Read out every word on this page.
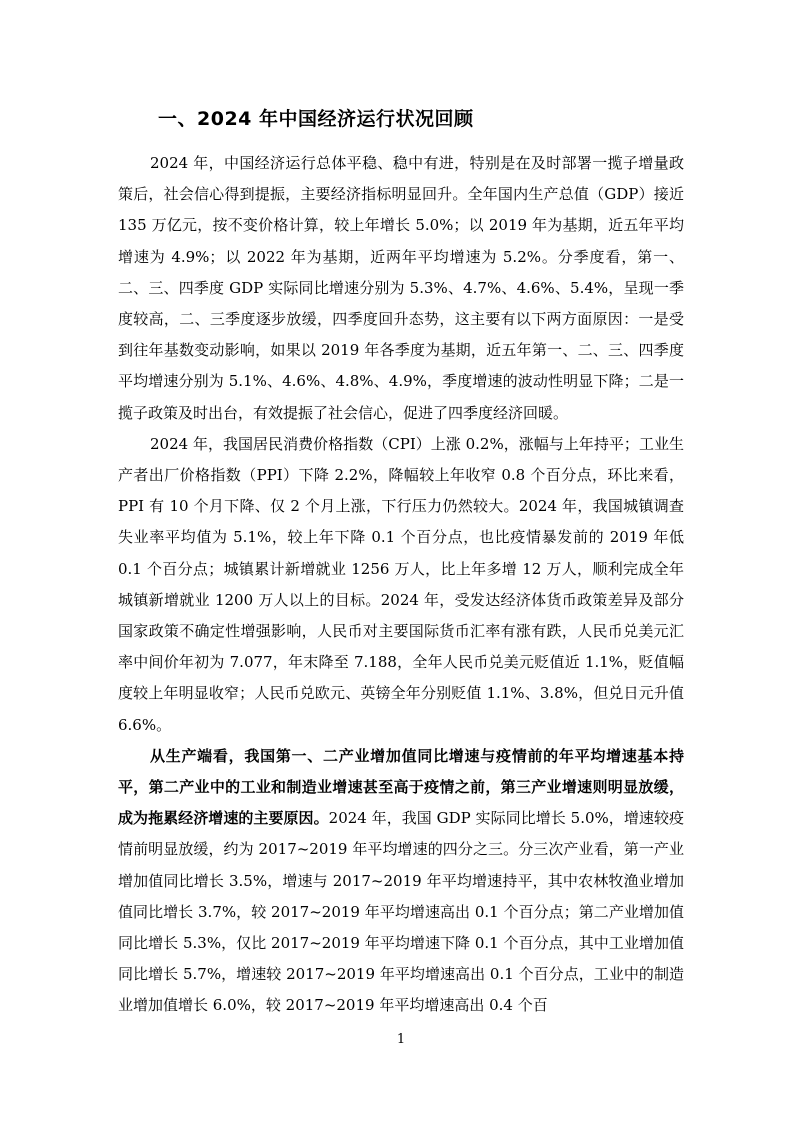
一、2024 年中国经济运行状况回顾

2024 年，中国经济运行总体平稳、稳中有进，特别是在及时部署一揽子增量政策后，社会信心得到提振，主要经济指标明显回升。全年国内生产总值（GDP）接近 135 万亿元，按不变价格计算，较上年增长 5.0%；以 2019 年为基期，近五年平均增速为 4.9%；以 2022 年为基期，近两年平均增速为 5.2%。分季度看，第一、二、三、四季度 GDP 实际同比增速分别为 5.3%、4.7%、4.6%、5.4%，呈现一季度较高，二、三季度逐步放缓，四季度回升态势，这主要有以下两方面原因：一是受到往年基数变动影响，如果以 2019 年各季度为基期，近五年第一、二、三、四季度平均增速分别为 5.1%、4.6%、4.8%、4.9%，季度增速的波动性明显下降；二是一揽子政策及时出台，有效提振了社会信心，促进了四季度经济回暖。

2024 年，我国居民消费价格指数（CPI）上涨 0.2%，涨幅与上年持平；工业生产者出厂价格指数（PPI）下降 2.2%，降幅较上年收窄 0.8 个百分点，环比来看，PPI 有 10 个月下降、仅 2 个月上涨，下行压力仍然较大。2024 年，我国城镇调查失业率平均值为 5.1%，较上年下降 0.1 个百分点，也比疫情暴发前的 2019 年低 0.1 个百分点；城镇累计新增就业 1256 万人，比上年多增 12 万人，顺利完成全年城镇新增就业 1200 万人以上的目标。2024 年，受发达经济体货币政策差异及部分国家政策不确定性增强影响，人民币对主要国际货币汇率有涨有跌，人民币兑美元汇率中间价年初为 7.077，年末降至 7.188，全年人民币兑美元贬值近 1.1%，贬值幅度较上年明显收窄；人民币兑欧元、英镑全年分别贬值 1.1%、3.8%，但兑日元升值 6.6%。

从生产端看，我国第一、二产业增加值同比增速与疫情前的年平均增速基本持平，第二产业中的工业和制造业增速甚至高于疫情之前，第三产业增速则明显放缓，成为拖累经济增速的主要原因。2024 年，我国 GDP 实际同比增长 5.0%，增速较疫情前明显放缓，约为 2017~2019 年平均增速的四分之三。分三次产业看，第一产业增加值同比增长 3.5%，增速与 2017~2019 年平均增速持平，其中农林牧渔业增加值同比增长 3.7%，较 2017~2019 年平均增速高出 0.1 个百分点；第二产业增加值同比增长 5.3%，仅比 2017~2019 年平均增速下降 0.1 个百分点，其中工业增加值同比增长 5.7%，增速较 2017~2019 年平均增速高出 0.1 个百分点，工业中的制造业增加值增长 6.0%，较 2017~2019 年平均增速高出 0.4 个百

1
